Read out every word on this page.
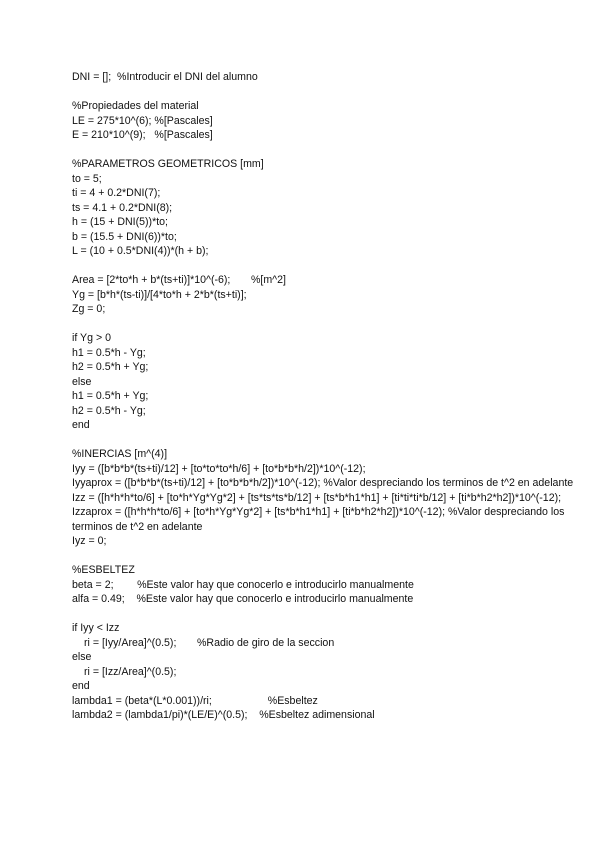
DNI = [];  %Introducir el DNI del alumno
%Propiedades del material
LE = 275*10^(6); %[Pascales]
E = 210*10^(9);   %[Pascales]
%PARAMETROS GEOMETRICOS [mm]
to = 5;
ti = 4 + 0.2*DNI(7);
ts = 4.1 + 0.2*DNI(8);
h = (15 + DNI(5))*to;
b = (15.5 + DNI(6))*to;
L = (10 + 0.5*DNI(4))*(h + b);
Area = [2*to*h + b*(ts+ti)]*10^(-6);       %[m^2]
Yg = [b*h*(ts-ti)]/[4*to*h + 2*b*(ts+ti)];
Zg = 0;
if Yg > 0
h1 = 0.5*h - Yg;
h2 = 0.5*h + Yg;
else
h1 = 0.5*h + Yg;
h2 = 0.5*h - Yg;
end
%INERCIAS [m^(4)]
Iyy = ([b*b*b*(ts+ti)/12] + [to*to*to*h/6] + [to*b*b*h/2])*10^(-12);
Iyyaprox = ([b*b*b*(ts+ti)/12] + [to*b*b*h/2])*10^(-12); %Valor despreciando los terminos de t^2 en adelante
Izz = ([h*h*h*to/6] + [to*h*Yg*Yg*2] + [ts*ts*ts*b/12] + [ts*b*h1*h1] + [ti*ti*ti*b/12] + [ti*b*h2*h2])*10^(-12);
Izzaprox = ([h*h*h*to/6] + [to*h*Yg*Yg*2] + [ts*b*h1*h1] + [ti*b*h2*h2])*10^(-12); %Valor despreciando los terminos de t^2 en adelante
Iyz = 0;
%ESBELTEZ
beta = 2;        %Este valor hay que conocerlo e introducirlo manualmente
alfa = 0.49;    %Este valor hay que conocerlo e introducirlo manualmente
if Iyy < Izz
ri = [Iyy/Area]^(0.5);       %Radio de giro de la seccion
else
ri = [Izz/Area]^(0.5);
end
lambda1 = (beta*(L*0.001))/ri;                   %Esbeltez
lambda2 = (lambda1/pi)*(LE/E)^(0.5);    %Esbeltez adimensional
